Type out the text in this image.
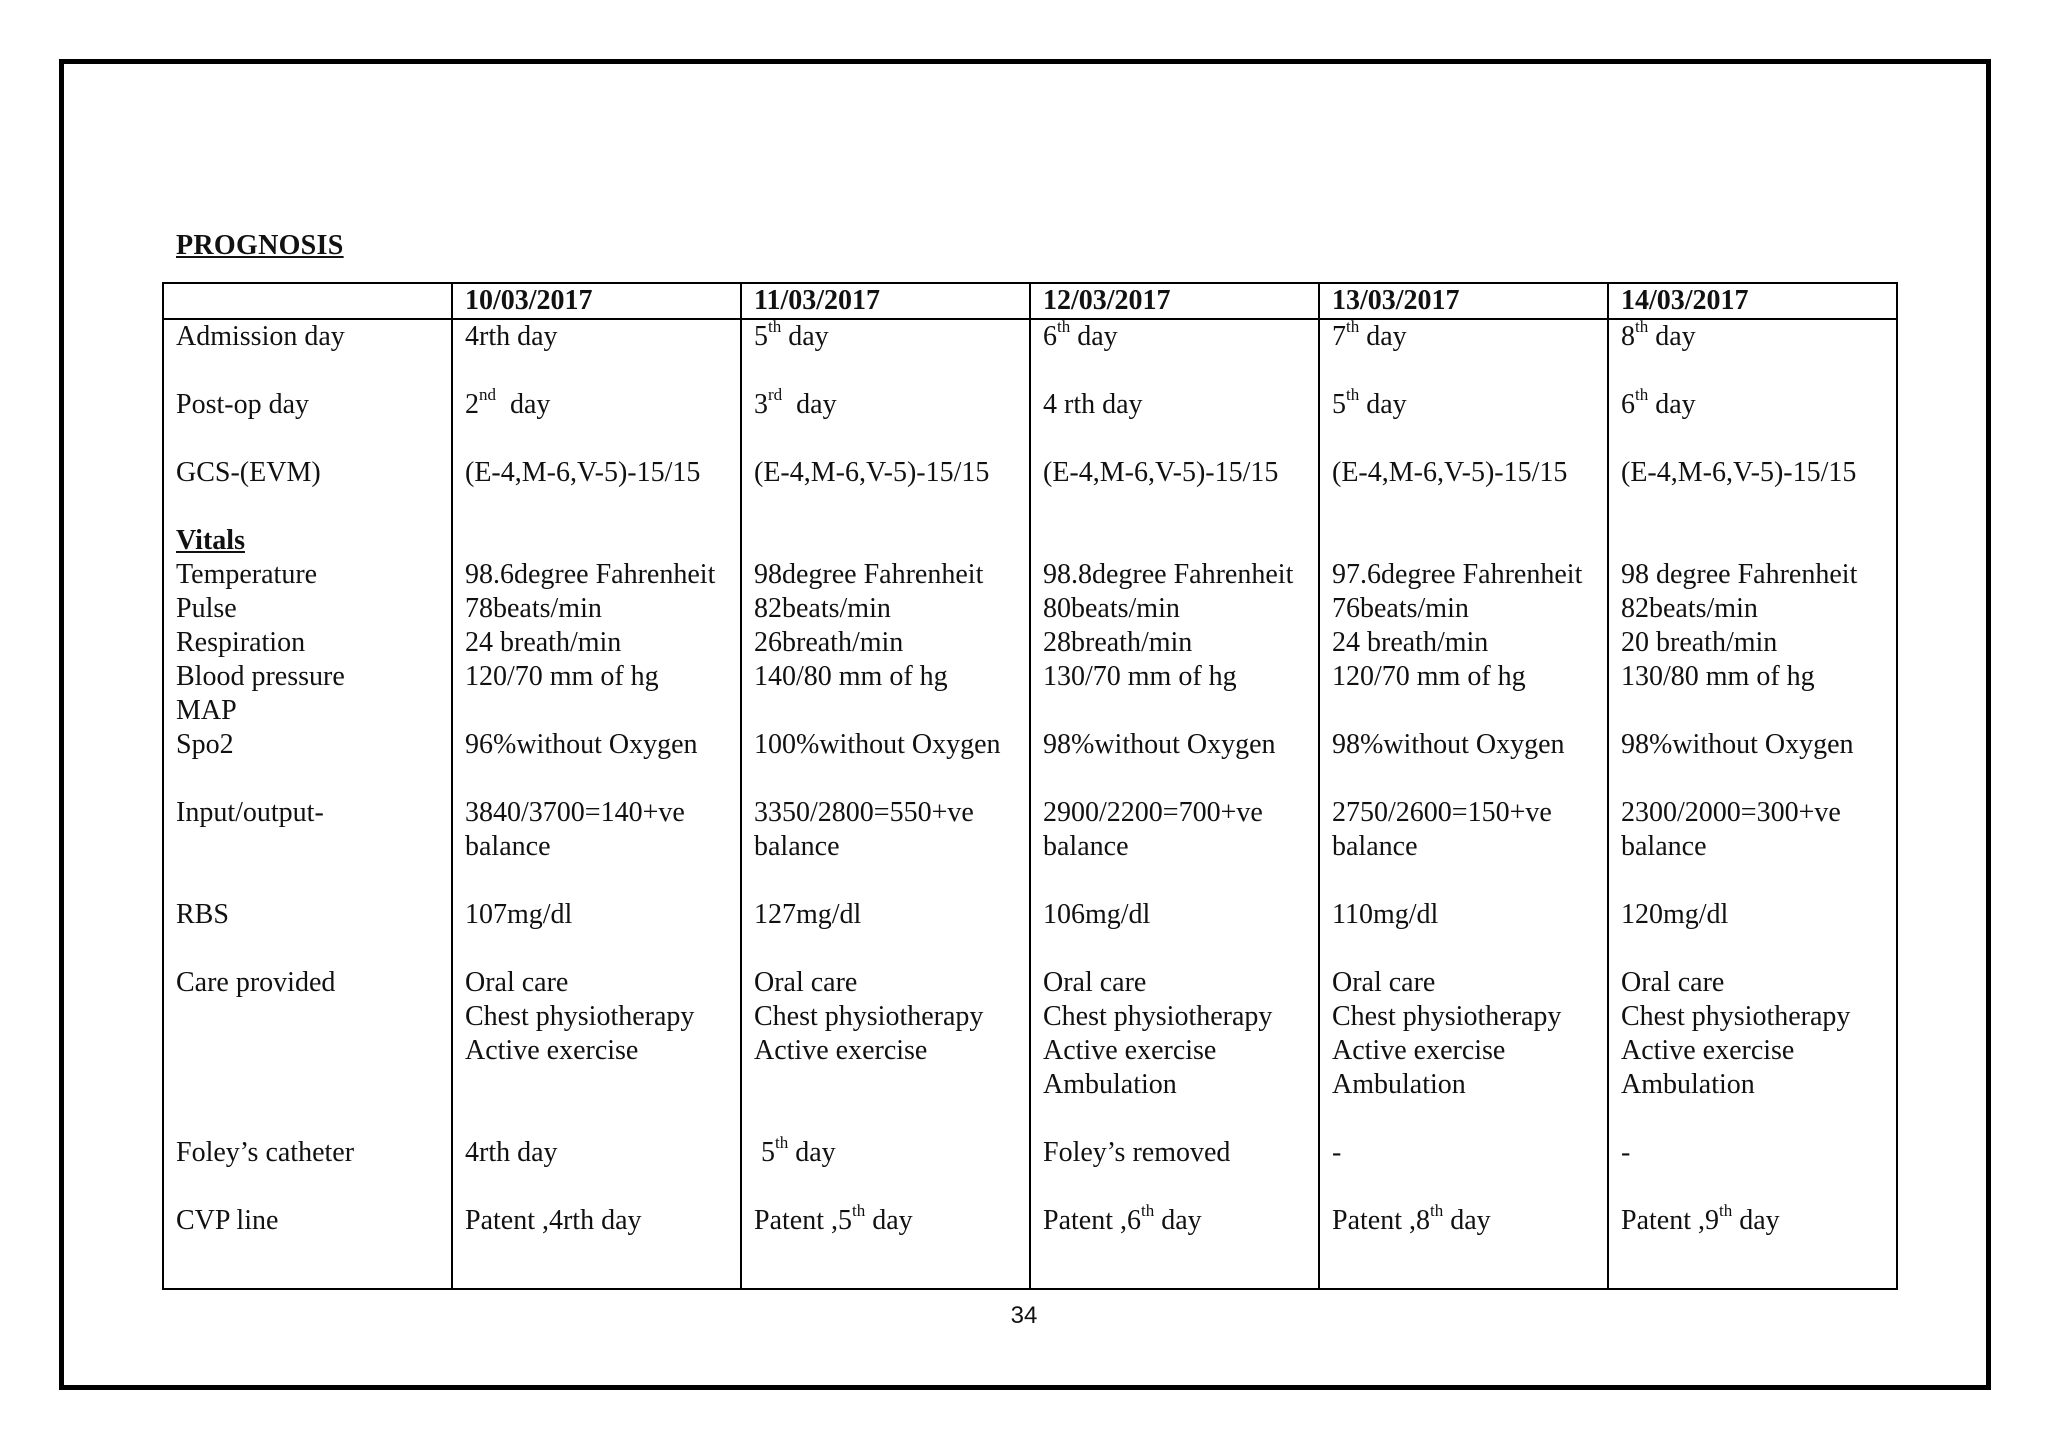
PROGNOSIS
	10/03/2017	11/03/2017	12/03/2017	13/03/2017	14/03/2017
Admission day	4rth day	5th day	6th day	7th day	8th day

Post-op day	2nd  day	3rd  day	4 rth day	5th day	6th day

GCS-(EVM)	(E-4,M-6,V-5)-15/15	(E-4,M-6,V-5)-15/15	(E-4,M-6,V-5)-15/15	(E-4,M-6,V-5)-15/15	(E-4,M-6,V-5)-15/15

Vitals					
Temperature	98.6degree Fahrenheit	98degree Fahrenheit	98.8degree Fahrenheit	97.6degree Fahrenheit	98 degree Fahrenheit
Pulse	78beats/min	82beats/min	80beats/min	76beats/min	82beats/min
Respiration	24 breath/min	26breath/min	28breath/min	24 breath/min	20 breath/min
Blood pressure	120/70 mm of hg	140/80 mm of hg	130/70 mm of hg	120/70 mm of hg	130/80 mm of hg
MAP					
Spo2	96%without Oxygen	100%without Oxygen	98%without Oxygen	98%without Oxygen	98%without Oxygen

Input/output-	3840/3700=140+ve	3350/2800=550+ve	2900/2200=700+ve	2750/2600=150+ve	2300/2000=300+ve
	balance	balance	balance	balance	balance

RBS	107mg/dl	127mg/dl	106mg/dl	110mg/dl	120mg/dl

Care provided	Oral care	Oral care	Oral care	Oral care	Oral care
	Chest physiotherapy	Chest physiotherapy	Chest physiotherapy	Chest physiotherapy	Chest physiotherapy
	Active exercise	Active exercise	Active exercise	Active exercise	Active exercise
			Ambulation	Ambulation	Ambulation

Foley’s catheter	4rth day	5th day	Foley’s removed	-	-

CVP line	Patent ,4rth day	Patent ,5th day	Patent ,6th day	Patent ,8th day	Patent ,9th day
34
